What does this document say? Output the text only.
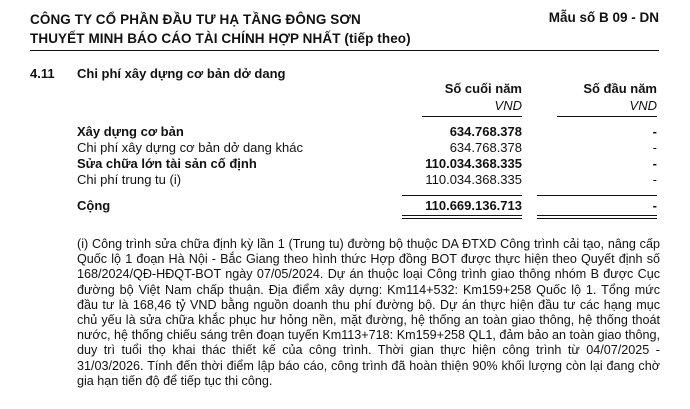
CÔNG TY CỔ PHẦN ĐẦU TƯ HẠ TẦNG ĐÔNG SƠN
THUYẾT MINH BÁO CÁO TÀI CHÍNH HỢP NHẤT (tiếp theo)
Mẫu số B 09 - DN
4.11 Chi phí xây dựng cơ bản dở dang
Số cuối năm
VND
Số đầu năm
VND
Xây dựng cơ bản	634.768.378	-
Chi phí xây dựng cơ bản dở dang khác	634.768.378	-
Sửa chữa lớn tài sản cố định	110.034.368.335	-
Chi phí trung tu (i)	110.034.368.335	-
Cộng	110.669.136.713	-
(i) Công trình sửa chữa định kỳ lần 1 (Trung tu) đường bộ thuộc DA ĐTXD Công trình cải tạo, nâng cấp Quốc lộ 1 đoạn Hà Nội - Bắc Giang theo hình thức Hợp đồng BOT được thực hiện theo Quyết định số 168/2024/QĐ-HĐQT-BOT ngày 07/05/2024. Dự án thuộc loại Công trình giao thông nhóm B được Cục đường bộ Việt Nam chấp thuận. Địa điểm xây dựng: Km114+532: Km159+258 Quốc lộ 1. Tổng mức đầu tư là 168,46 tỷ VND bằng nguồn doanh thu phí đường bộ. Dự án thực hiện đầu tư các hạng mục chủ yếu là sửa chữa khắc phục hư hỏng nền, mặt đường, hệ thống an toàn giao thông, hệ thống thoát nước, hệ thống chiếu sáng trên đoạn tuyến Km113+718: Km159+258 QL1, đảm bảo an toàn giao thông, duy trì tuổi thọ khai thác thiết kế của công trình. Thời gian thực hiện công trình từ 04/07/2025 - 31/03/2026. Tính đến thời điểm lập báo cáo, công trình đã hoàn thiện 90% khối lượng còn lại đang chờ gia hạn tiến độ để tiếp tục thi công.
